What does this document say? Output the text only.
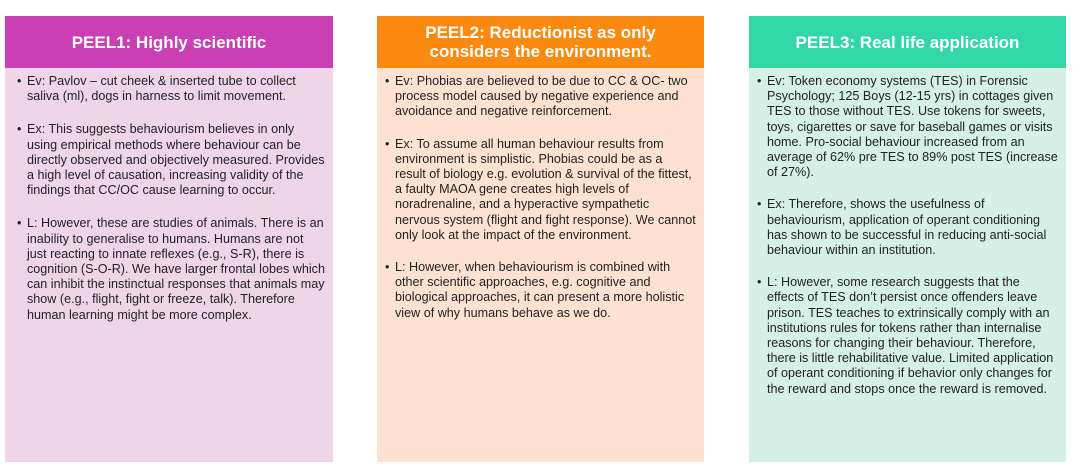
PEEL1: Highly scientific
• Ev: Pavlov – cut cheek & inserted tube to collect saliva (ml), dogs in harness to limit movement.
• Ex: This suggests behaviourism believes in only using empirical methods where behaviour can be directly observed and objectively measured. Provides a high level of causation, increasing validity of the findings that CC/OC cause learning to occur.
• L: However, these are studies of animals. There is an inability to generalise to humans. Humans are not just reacting to innate reflexes (e.g., S-R), there is cognition (S-O-R). We have larger frontal lobes which can inhibit the instinctual responses that animals may show (e.g., flight, fight or freeze, talk). Therefore human learning might be more complex.
PEEL2: Reductionist as only considers the environment.
• Ev: Phobias are believed to be due to CC & OC- two process model caused by negative experience and avoidance and negative reinforcement.
• Ex: To assume all human behaviour results from environment is simplistic. Phobias could be as a result of biology e.g. evolution & survival of the fittest, a faulty MAOA gene creates high levels of noradrenaline, and a hyperactive sympathetic nervous system (flight and fight response). We cannot only look at the impact of the environment.
• L: However, when behaviourism is combined with other scientific approaches, e.g. cognitive and biological approaches, it can present a more holistic view of why humans behave as we do.
PEEL3: Real life application
• Ev: Token economy systems (TES) in Forensic Psychology; 125 Boys (12-15 yrs) in cottages given TES to those without TES. Use tokens for sweets, toys, cigarettes or save for baseball games or visits home. Pro-social behaviour increased from an average of 62% pre TES to 89% post TES (increase of 27%).
• Ex: Therefore, shows the usefulness of behaviourism, application of operant conditioning has shown to be successful in reducing anti-social behaviour within an institution.
• L: However, some research suggests that the effects of TES don’t persist once offenders leave prison. TES teaches to extrinsically comply with an institutions rules for tokens rather than internalise reasons for changing their behaviour. Therefore, there is little rehabilitative value. Limited application of operant conditioning if behavior only changes for the reward and stops once the reward is removed.
